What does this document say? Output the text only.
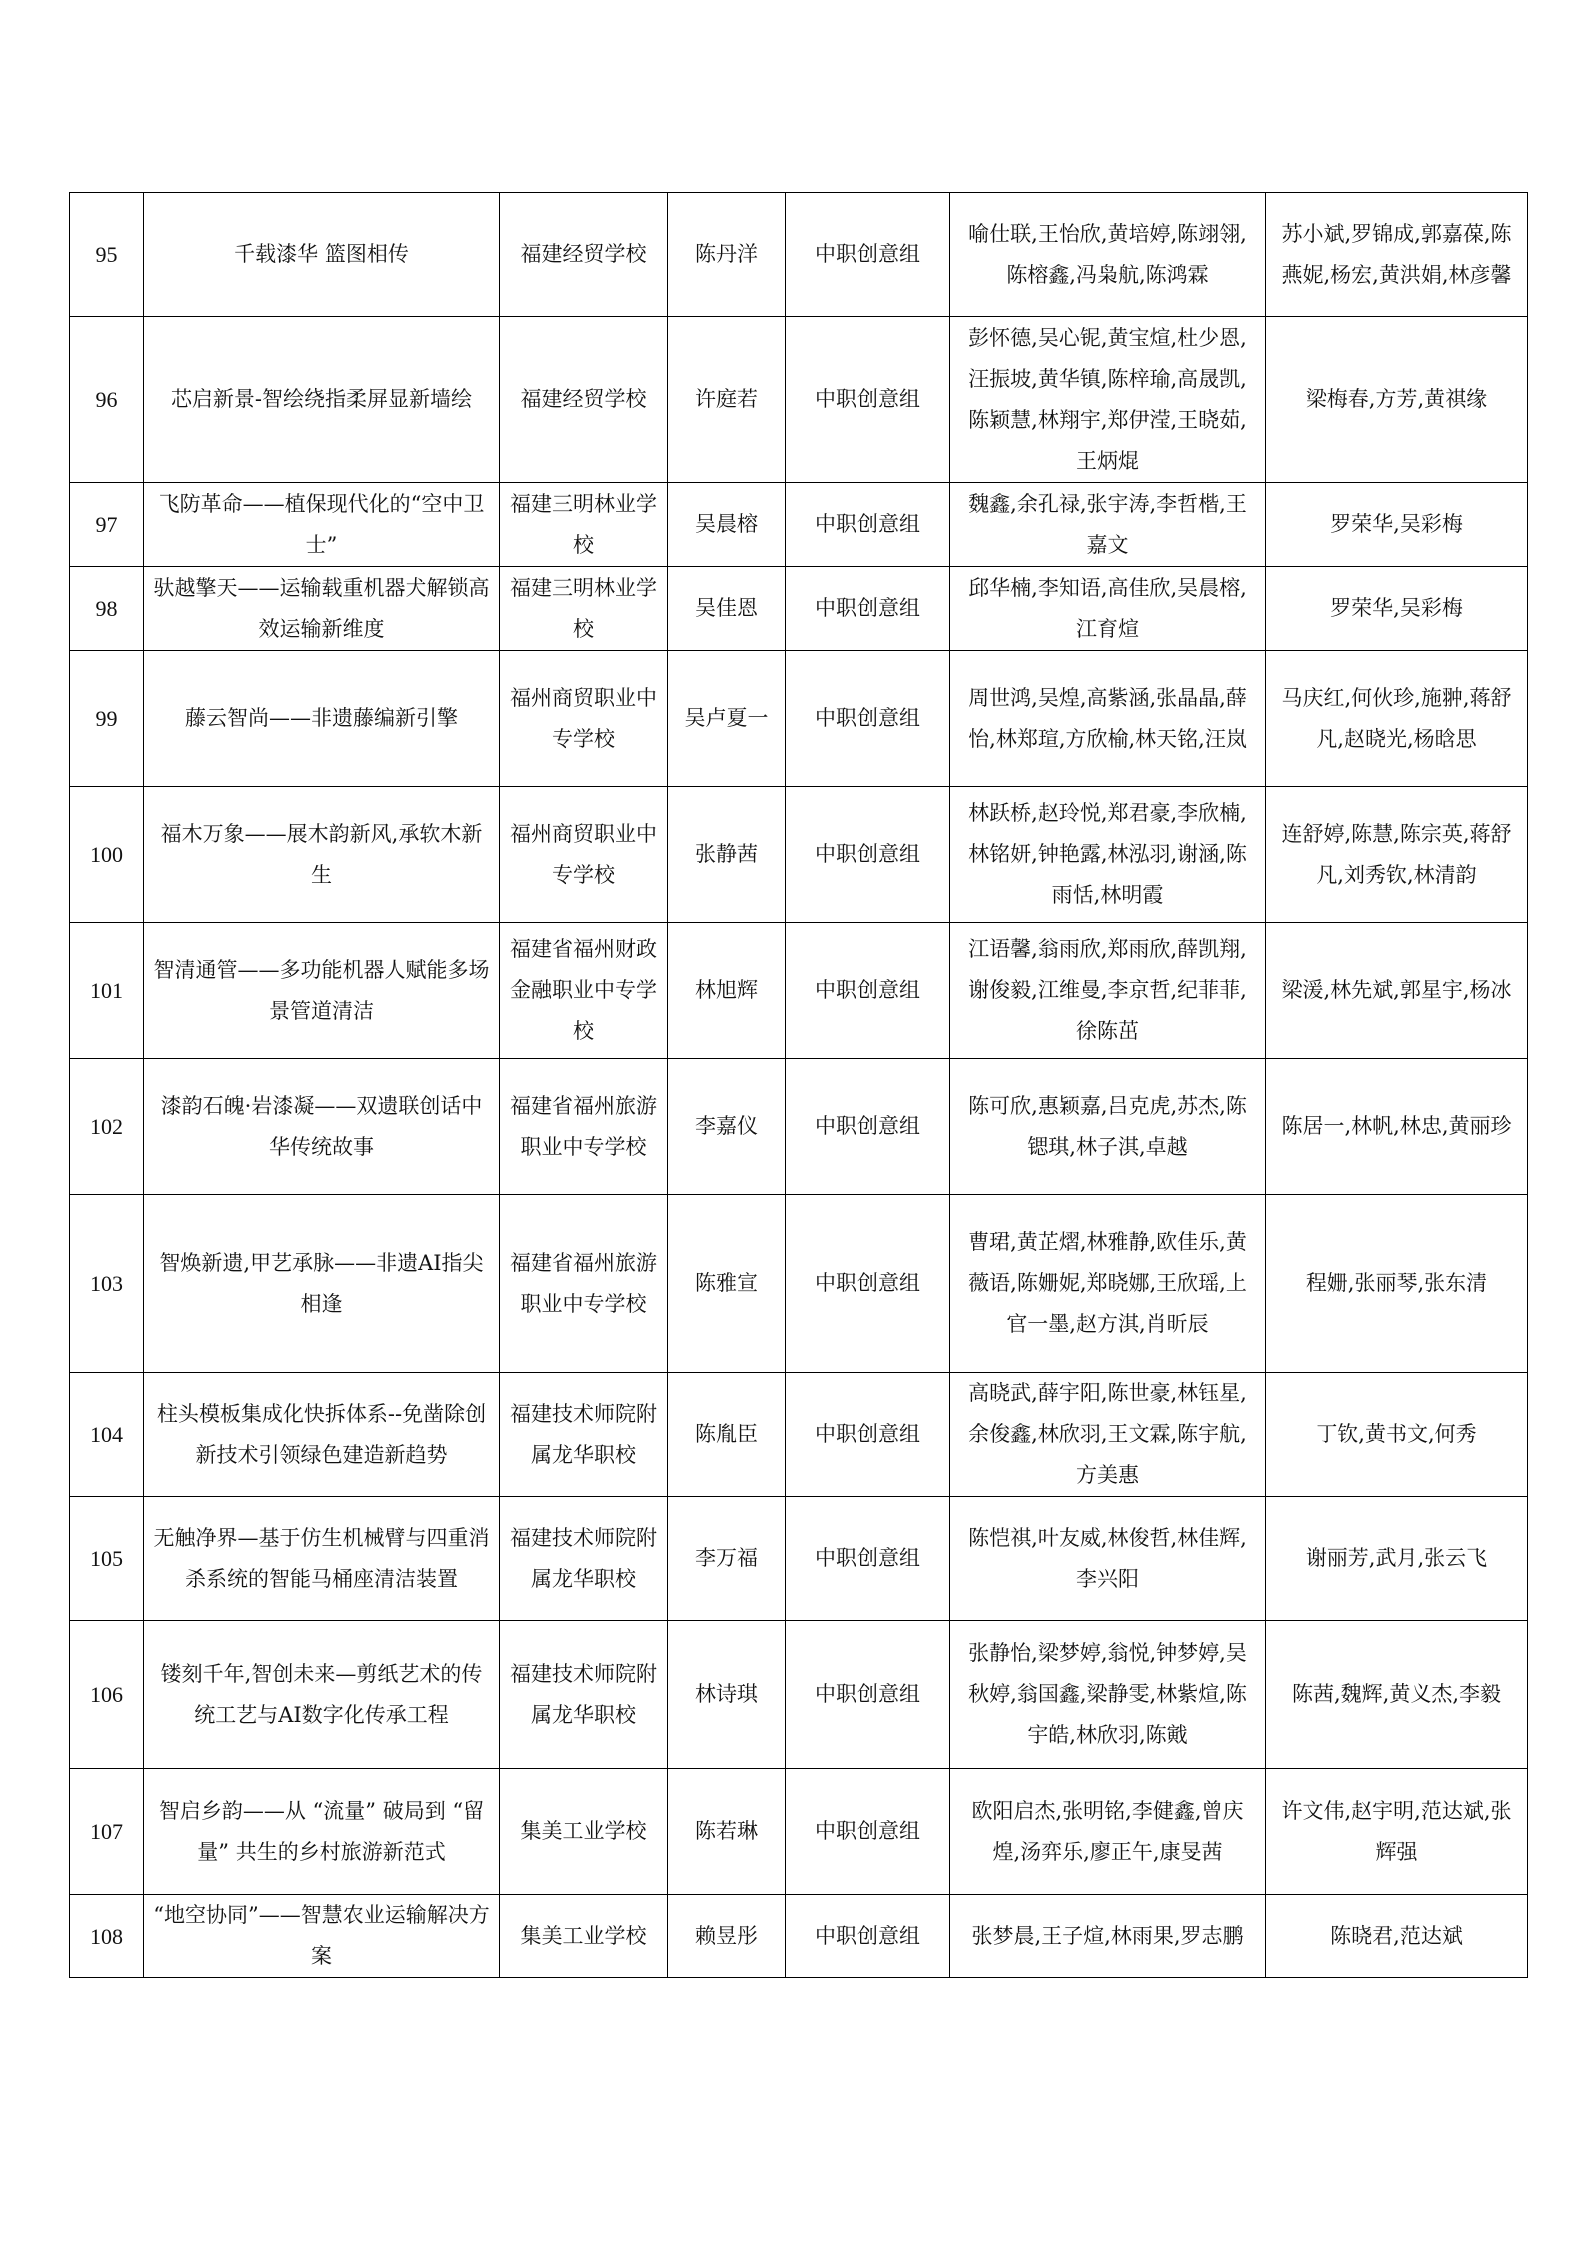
95	千载漆华 篮图相传	福建经贸学校	陈丹洋	中职创意组	喻仕联,王怡欣,黄培婷,陈翊翎,陈榕鑫,冯枭航,陈鸿霖	苏小斌,罗锦成,郭嘉葆,陈燕妮,杨宏,黄洪娟,林彦馨
96	芯启新景-智绘绕指柔屏显新墙绘	福建经贸学校	许庭若	中职创意组	彭怀德,吴心铌,黄宝煊,杜少恩,汪振坡,黄华镇,陈梓瑜,高晟凯,陈颖慧,林翔宇,郑伊滢,王晓茹,王炳焜	梁梅春,方芳,黄祺缘
97	飞防革命——植保现代化的“空中卫士”	福建三明林业学校	吴晨榕	中职创意组	魏鑫,余孔禄,张宇涛,李哲楷,王嘉文	罗荣华,吴彩梅
98	驮越擎天——运输载重机器犬解锁高效运输新维度	福建三明林业学校	吴佳恩	中职创意组	邱华楠,李知语,高佳欣,吴晨榕,江育煊	罗荣华,吴彩梅
99	藤云智尚——非遗藤编新引擎	福州商贸职业中专学校	吴卢夏一	中职创意组	周世鸿,吴煌,高紫涵,张晶晶,薛怡,林郑瑄,方欣榆,林天铭,汪岚	马庆红,何伙珍,施翀,蒋舒凡,赵晓光,杨晗思
100	福木万象——展木韵新风,承软木新生	福州商贸职业中专学校	张静茜	中职创意组	林跃桥,赵玲悦,郑君豪,李欣楠,林铭妍,钟艳露,林泓羽,谢涵,陈雨恬,林明霞	连舒婷,陈慧,陈宗英,蒋舒凡,刘秀钦,林清韵
101	智清通管——多功能机器人赋能多场景管道清洁	福建省福州财政金融职业中专学校	林旭辉	中职创意组	江语馨,翁雨欣,郑雨欣,薛凯翔,谢俊毅,江维曼,李京哲,纪菲菲,徐陈茁	梁湲,林先斌,郭星宇,杨冰
102	漆韵石魄·岩漆凝——双遗联创话中华传统故事	福建省福州旅游职业中专学校	李嘉仪	中职创意组	陈可欣,惠颖嘉,吕克虎,苏杰,陈锶琪,林子淇,卓越	陈居一,林帆,林忠,黄丽珍
103	智焕新遗,甲艺承脉——非遗AI指尖相逢	福建省福州旅游职业中专学校	陈雅宣	中职创意组	曹珺,黄芷熠,林雅静,欧佳乐,黄薇语,陈姗妮,郑晓娜,王欣瑶,上官一墨,赵方淇,肖昕辰	程姗,张丽琴,张东清
104	柱头模板集成化快拆体系--免凿除创新技术引领绿色建造新趋势	福建技术师院附属龙华职校	陈胤臣	中职创意组	高晓武,薛宇阳,陈世豪,林钰星,余俊鑫,林欣羽,王文霖,陈宇航,方美惠	丁钦,黄书文,何秀
105	无触净界—基于仿生机械臂与四重消杀系统的智能马桶座清洁装置	福建技术师院附属龙华职校	李万福	中职创意组	陈恺祺,叶友威,林俊哲,林佳辉,李兴阳	谢丽芳,武月,张云飞
106	镂刻千年,智创未来—剪纸艺术的传统工艺与AI数字化传承工程	福建技术师院附属龙华职校	林诗琪	中职创意组	张静怡,梁梦婷,翁悦,钟梦婷,吴秋婷,翁国鑫,梁静雯,林紫煊,陈宇皓,林欣羽,陈戭	陈茜,魏辉,黄义杰,李毅
107	智启乡韵——从 “流量” 破局到 “留量” 共生的乡村旅游新范式	集美工业学校	陈若琳	中职创意组	欧阳启杰,张明铭,李健鑫,曾庆煌,汤弈乐,廖正午,康旻茜	许文伟,赵宇明,范达斌,张辉强
108	“地空协同”——智慧农业运输解决方案	集美工业学校	赖昱彤	中职创意组	张梦晨,王子煊,林雨果,罗志鹏	陈晓君,范达斌
